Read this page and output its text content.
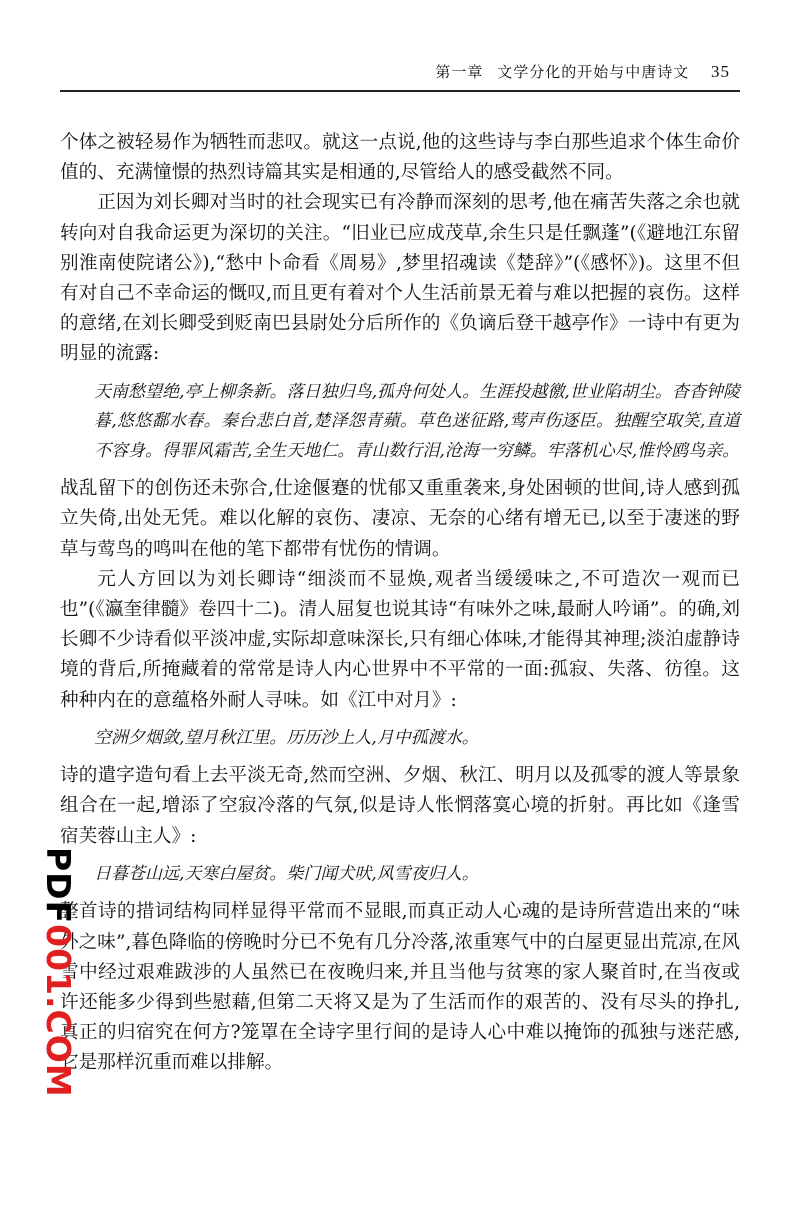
第一章 文学分化的开始与中唐诗文 35

个体之被轻易作为牺牲而悲叹。就这一点说,他的这些诗与李白那些追求个体生命价值的、充满憧憬的热烈诗篇其实是相通的,尽管给人的感受截然不同。

正因为刘长卿对当时的社会现实已有冷静而深刻的思考,他在痛苦失落之余也就转向对自我命运更为深切的关注。“旧业已应成茂草,余生只是任飘蓬”(《避地江东留别淮南使院诸公》),“愁中卜命看《周易》,梦里招魂读《楚辞》”(《感怀》)。这里不但有对自己不幸命运的慨叹,而且更有着对个人生活前景无着与难以把握的哀伤。这样的意绪,在刘长卿受到贬南巴县尉处分后所作的《负谪后登干越亭作》一诗中有更为明显的流露:

天南愁望绝,亭上柳条新。落日独归鸟,孤舟何处人。生涯投越徼,世业陷胡尘。杳杳钟陵暮,悠悠鄱水春。秦台悲白首,楚泽怨青蘋。草色迷征路,莺声伤逐臣。独醒空取笑,直道不容身。得罪风霜苦,全生天地仁。青山数行泪,沧海一穷鳞。牢落机心尽,惟怜鸥鸟亲。

战乱留下的创伤还未弥合,仕途偃蹇的忧郁又重重袭来,身处困顿的世间,诗人感到孤立失倚,出处无凭。难以化解的哀伤、凄凉、无奈的心绪有增无已,以至于凄迷的野草与莺鸟的鸣叫在他的笔下都带有忧伤的情调。

元人方回以为刘长卿诗“细淡而不显焕,观者当缓缓味之,不可造次一观而已也”(《瀛奎律髓》卷四十二)。清人屈复也说其诗“有味外之味,最耐人吟诵”。的确,刘长卿不少诗看似平淡冲虚,实际却意味深长,只有细心体味,才能得其神理;淡泊虚静诗境的背后,所掩藏着的常常是诗人内心世界中不平常的一面:孤寂、失落、彷徨。这种种内在的意蕴格外耐人寻味。如《江中对月》:

空洲夕烟敛,望月秋江里。历历沙上人,月中孤渡水。

诗的遣字造句看上去平淡无奇,然而空洲、夕烟、秋江、明月以及孤零的渡人等景象组合在一起,增添了空寂冷落的气氛,似是诗人怅惘落寞心境的折射。再比如《逢雪宿芙蓉山主人》:

日暮苍山远,天寒白屋贫。柴门闻犬吠,风雪夜归人。

整首诗的措词结构同样显得平常而不显眼,而真正动人心魂的是诗所营造出来的“味外之味”,暮色降临的傍晚时分已不免有几分冷落,浓重寒气中的白屋更显出荒凉,在风雪中经过艰难跋涉的人虽然已在夜晚归来,并且当他与贫寒的家人聚首时,在当夜或许还能多少得到些慰藉,但第二天将又是为了生活而作的艰苦的、没有尽头的挣扎,真正的归宿究在何方?笼罩在全诗字里行间的是诗人心中难以掩饰的孤独与迷茫感,它是那样沉重而难以排解。

PDF001.COM
